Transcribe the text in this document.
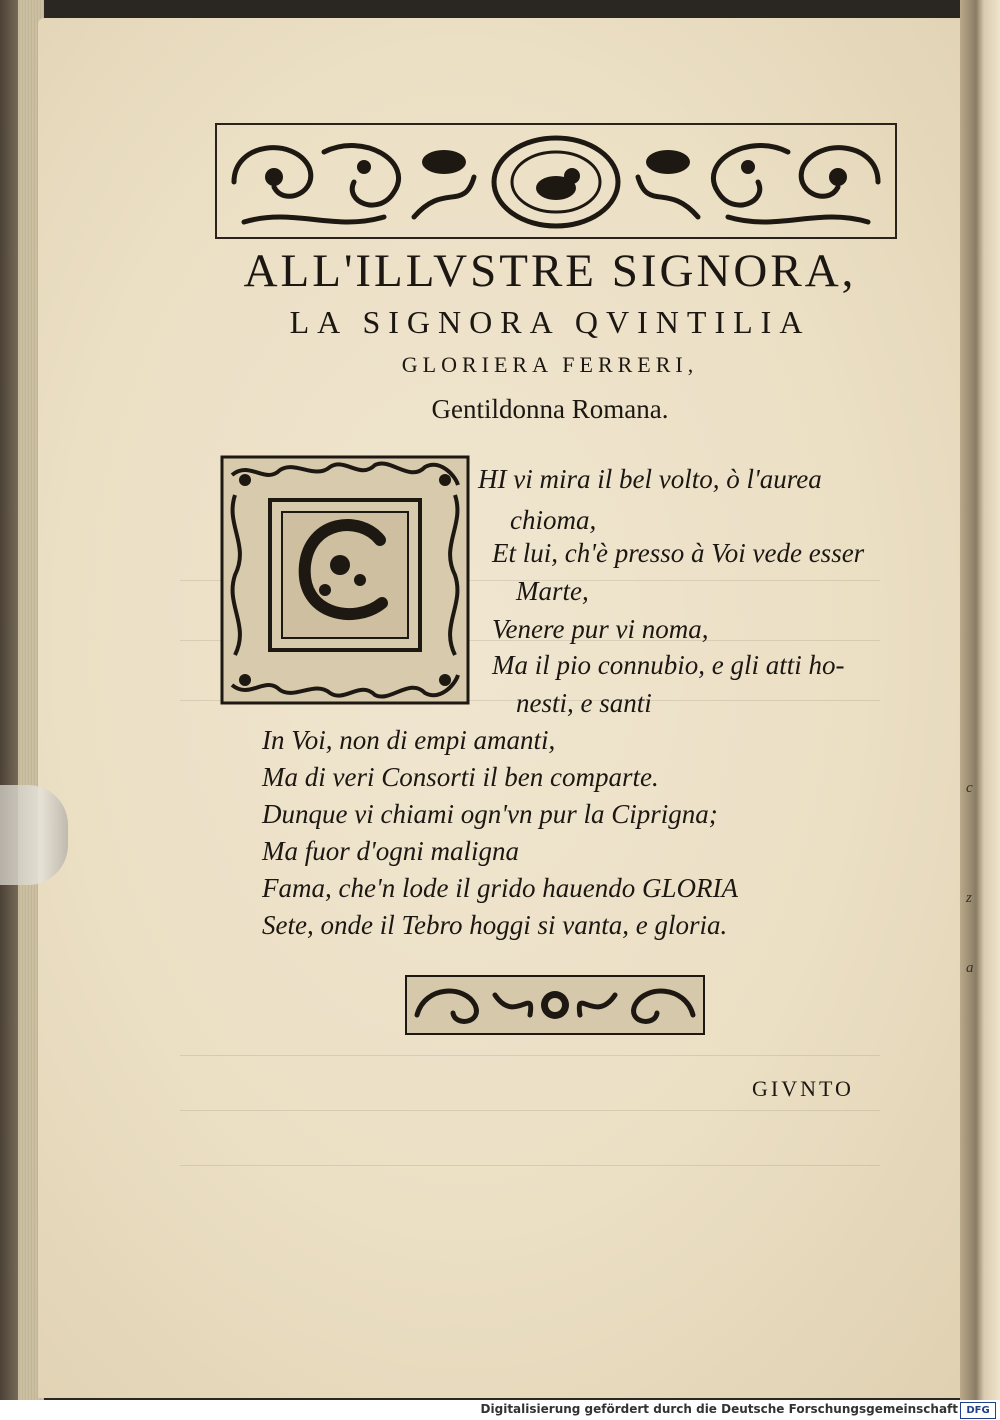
ALL'ILLVSTRE SIGNORA,
LA SIGNORA QVINTILIA
GLORIERA FERRERI,
Gentildonna Romana.
HI vi mira il bel volto, ò l'aurea
chioma,
Et lui, ch'è presso à Voi vede esser
Marte,
Venere pur vi noma,
Ma il pio connubio, e gli atti ho-
nesti, e santi
In Voi, non di empi amanti,
Ma di veri Consorti il ben comparte.
Dunque vi chiami ogn'vn pur la Ciprigna;
Ma fuor d'ogni maligna
Fama, che'n lode il grido hauendo GLORIA
Sete, onde il Tebro hoggi si vanta, e gloria.
GIVNTO
c
z
a
Digitalisierung gefördert durch die Deutsche Forschungsgemeinschaft DFG
